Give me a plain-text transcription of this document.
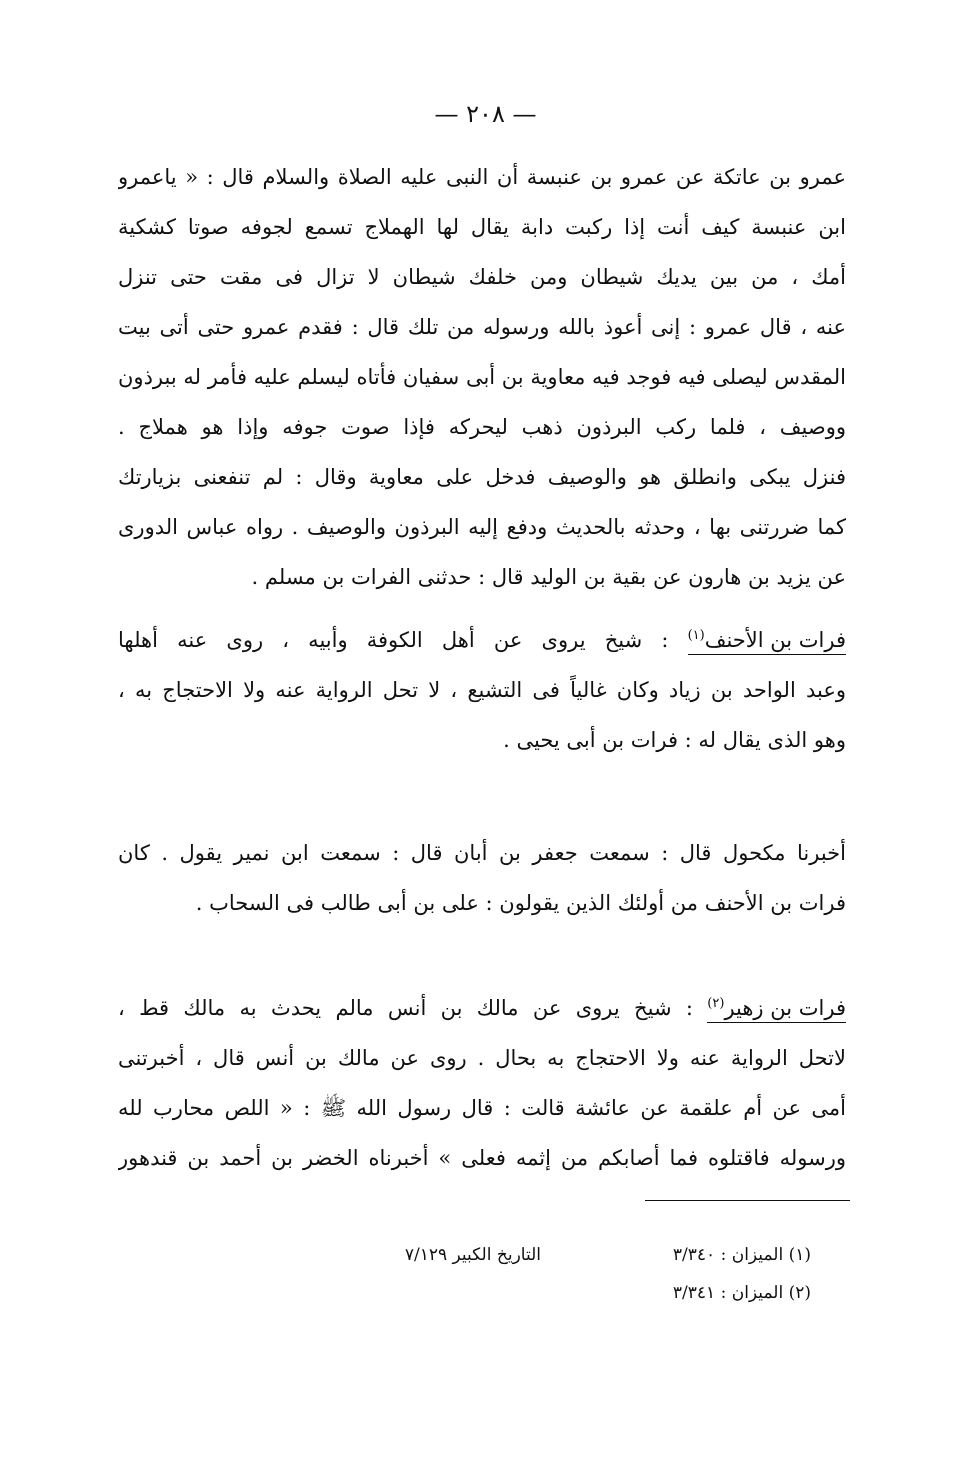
— ٢٠٨ —
عمرو بن عاتكة عن عمرو بن عنبسة أن النبى عليه الصلاة والسلام قال : « ياعمرو
ابن عنبسة كيف أنت إذا ركبت دابة يقال لها الهملاج تسمع لجوفه صوتا كشكية
أمك ، من بين يديك شيطان ومن خلفك شيطان لا تزال فى مقت حتى تنزل
عنه ، قال عمرو : إنى أعوذ بالله ورسوله من تلك قال : فقدم عمرو حتى أتى بيت
المقدس ليصلى فيه فوجد فيه معاوية بن أبى سفيان فأتاه ليسلم عليه فأمر له ببرذون
ووصيف ، فلما ركب البرذون ذهب ليحركه فإذا صوت جوفه وإذا هو هملاج .
فنزل يبكى وانطلق هو والوصيف فدخل على معاوية وقال : لم تنفعنى بزيارتك
كما ضررتنى بها ، وحدثه بالحديث ودفع إليه البرذون والوصيف . رواه عباس الدورى
عن يزيد بن هارون عن بقية بن الوليد قال : حدثنى الفرات بن مسلم .
فرات بن الأحنف$^{(١)}$ : شيخ يروى عن أهل الكوفة وأبيه ، روى عنه أهلها
وعبد الواحد بن زياد وكان غالياً فى التشيع ، لا تحل الرواية عنه ولا الاحتجاج به ،
وهو الذى يقال له : فرات بن أبى يحيى .
أخبرنا مكحول قال : سمعت جعفر بن أبان قال : سمعت ابن نمير يقول . كان
فرات بن الأحنف من أولئك الذين يقولون : على بن أبى طالب فى السحاب .
فرات بن زهير$^{(٢)}$ : شيخ يروى عن مالك بن أنس مالم يحدث به مالك قط ،
لاتحل الرواية عنه ولا الاحتجاج به بحال . روى عن مالك بن أنس قال ، أخبرتنى
أمى عن أم علقمة عن عائشة قالت : قال رسول الله ﷺ : « اللص محارب لله
ورسوله فاقتلوه فما أصابكم من إثمه فعلى » أخبرناه الخضر بن أحمد بن قندهور
(١) الميزان : ٣/٣٤٠
التاريخ الكبير ٧/١٢٩
(٢) الميزان : ٣/٣٤١
